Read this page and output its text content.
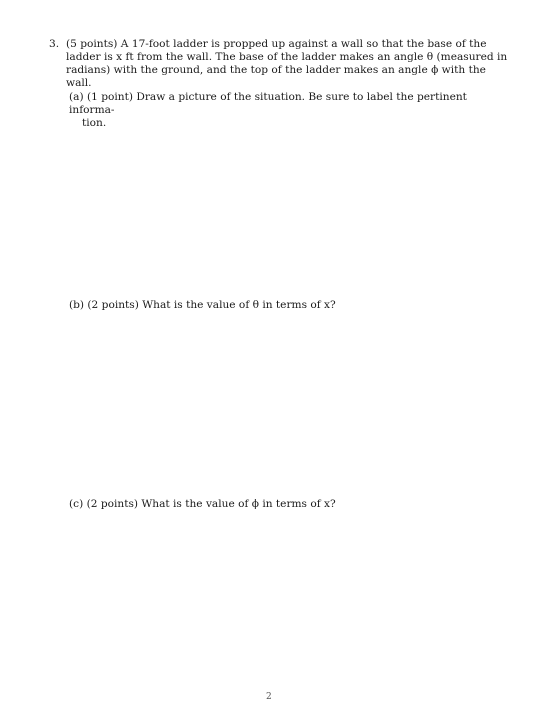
3. (5 points) A 17-foot ladder is propped up against a wall so that the base of the ladder is x ft from the wall. The base of the ladder makes an angle θ (measured in radians) with the ground, and the top of the ladder makes an angle ϕ with the wall.
(a) (1 point) Draw a picture of the situation. Be sure to label the pertinent informa-
tion.
(b) (2 points) What is the value of θ in terms of x?
(c) (2 points) What is the value of ϕ in terms of x?
2
